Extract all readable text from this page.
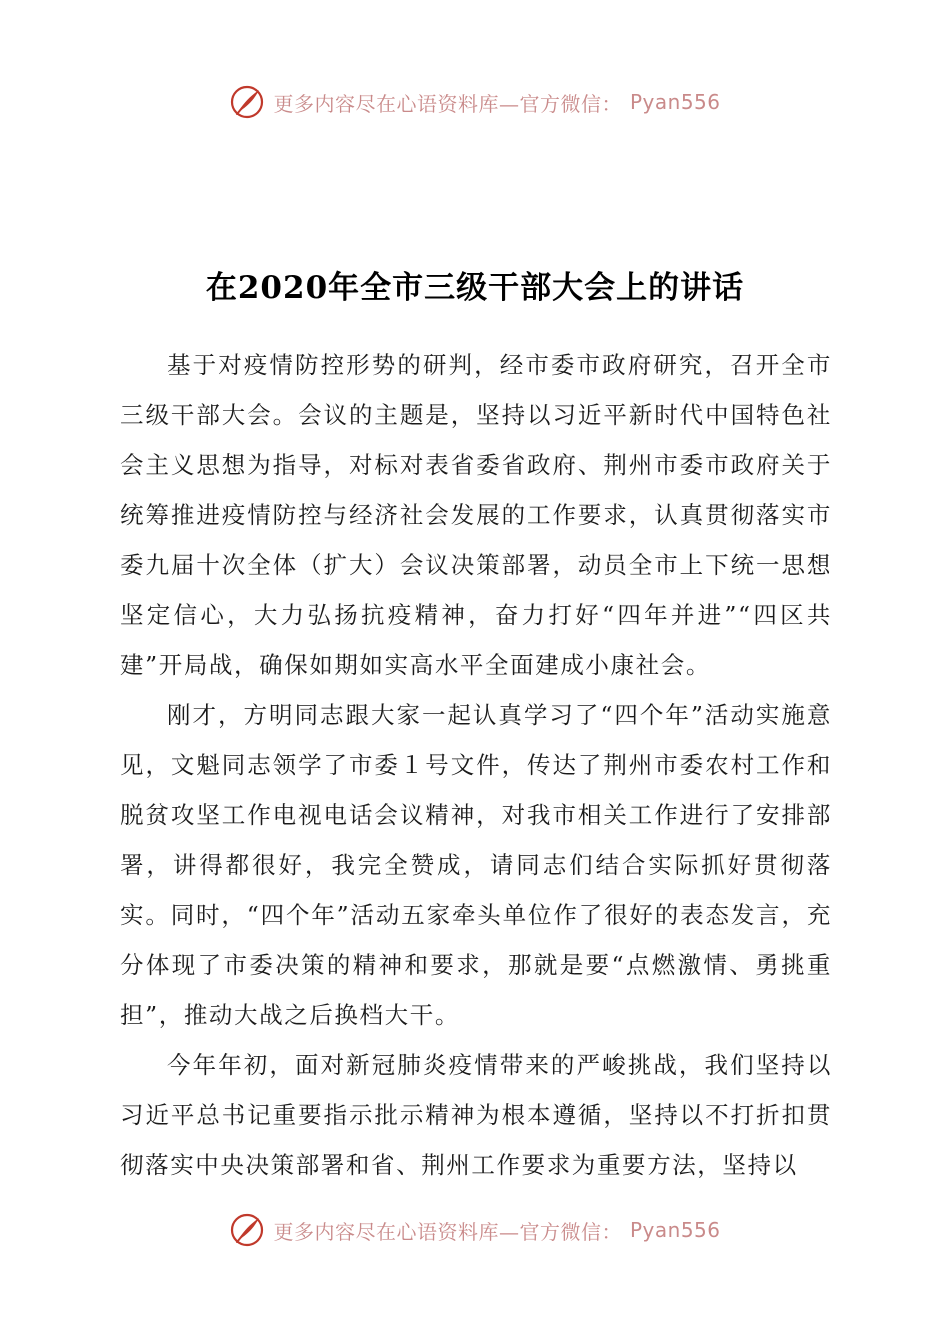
更多内容尽在心语资料库—官方微信： Pyan556
在2020年全市三级干部大会上的讲话

基于对疫情防控形势的研判，经市委市政府研究，召开全市三级干部大会。会议的主题是，坚持以习近平新时代中国特色社会主义思想为指导，对标对表省委省政府、荆州市委市政府关于统筹推进疫情防控与经济社会发展的工作要求，认真贯彻落实市委九届十次全体（扩大）会议决策部署，动员全市上下统一思想坚定信心，大力弘扬抗疫精神，奋力打好“四年并进”“四区共建”开局战，确保如期如实高水平全面建成小康社会。

刚才，方明同志跟大家一起认真学习了“四个年”活动实施意见，文魁同志领学了市委１号文件，传达了荆州市委农村工作和脱贫攻坚工作电视电话会议精神，对我市相关工作进行了安排部署，讲得都很好，我完全赞成，请同志们结合实际抓好贯彻落实。同时，“四个年”活动五家牵头单位作了很好的表态发言，充分体现了市委决策的精神和要求，那就是要“点燃激情、勇挑重担”，推动大战之后换档大干。

今年年初，面对新冠肺炎疫情带来的严峻挑战，我们坚持以习近平总书记重要指示批示精神为根本遵循，坚持以不打折扣贯彻落实中央决策部署和省、荆州工作要求为重要方法，坚持以

更多内容尽在心语资料库—官方微信： Pyan556
